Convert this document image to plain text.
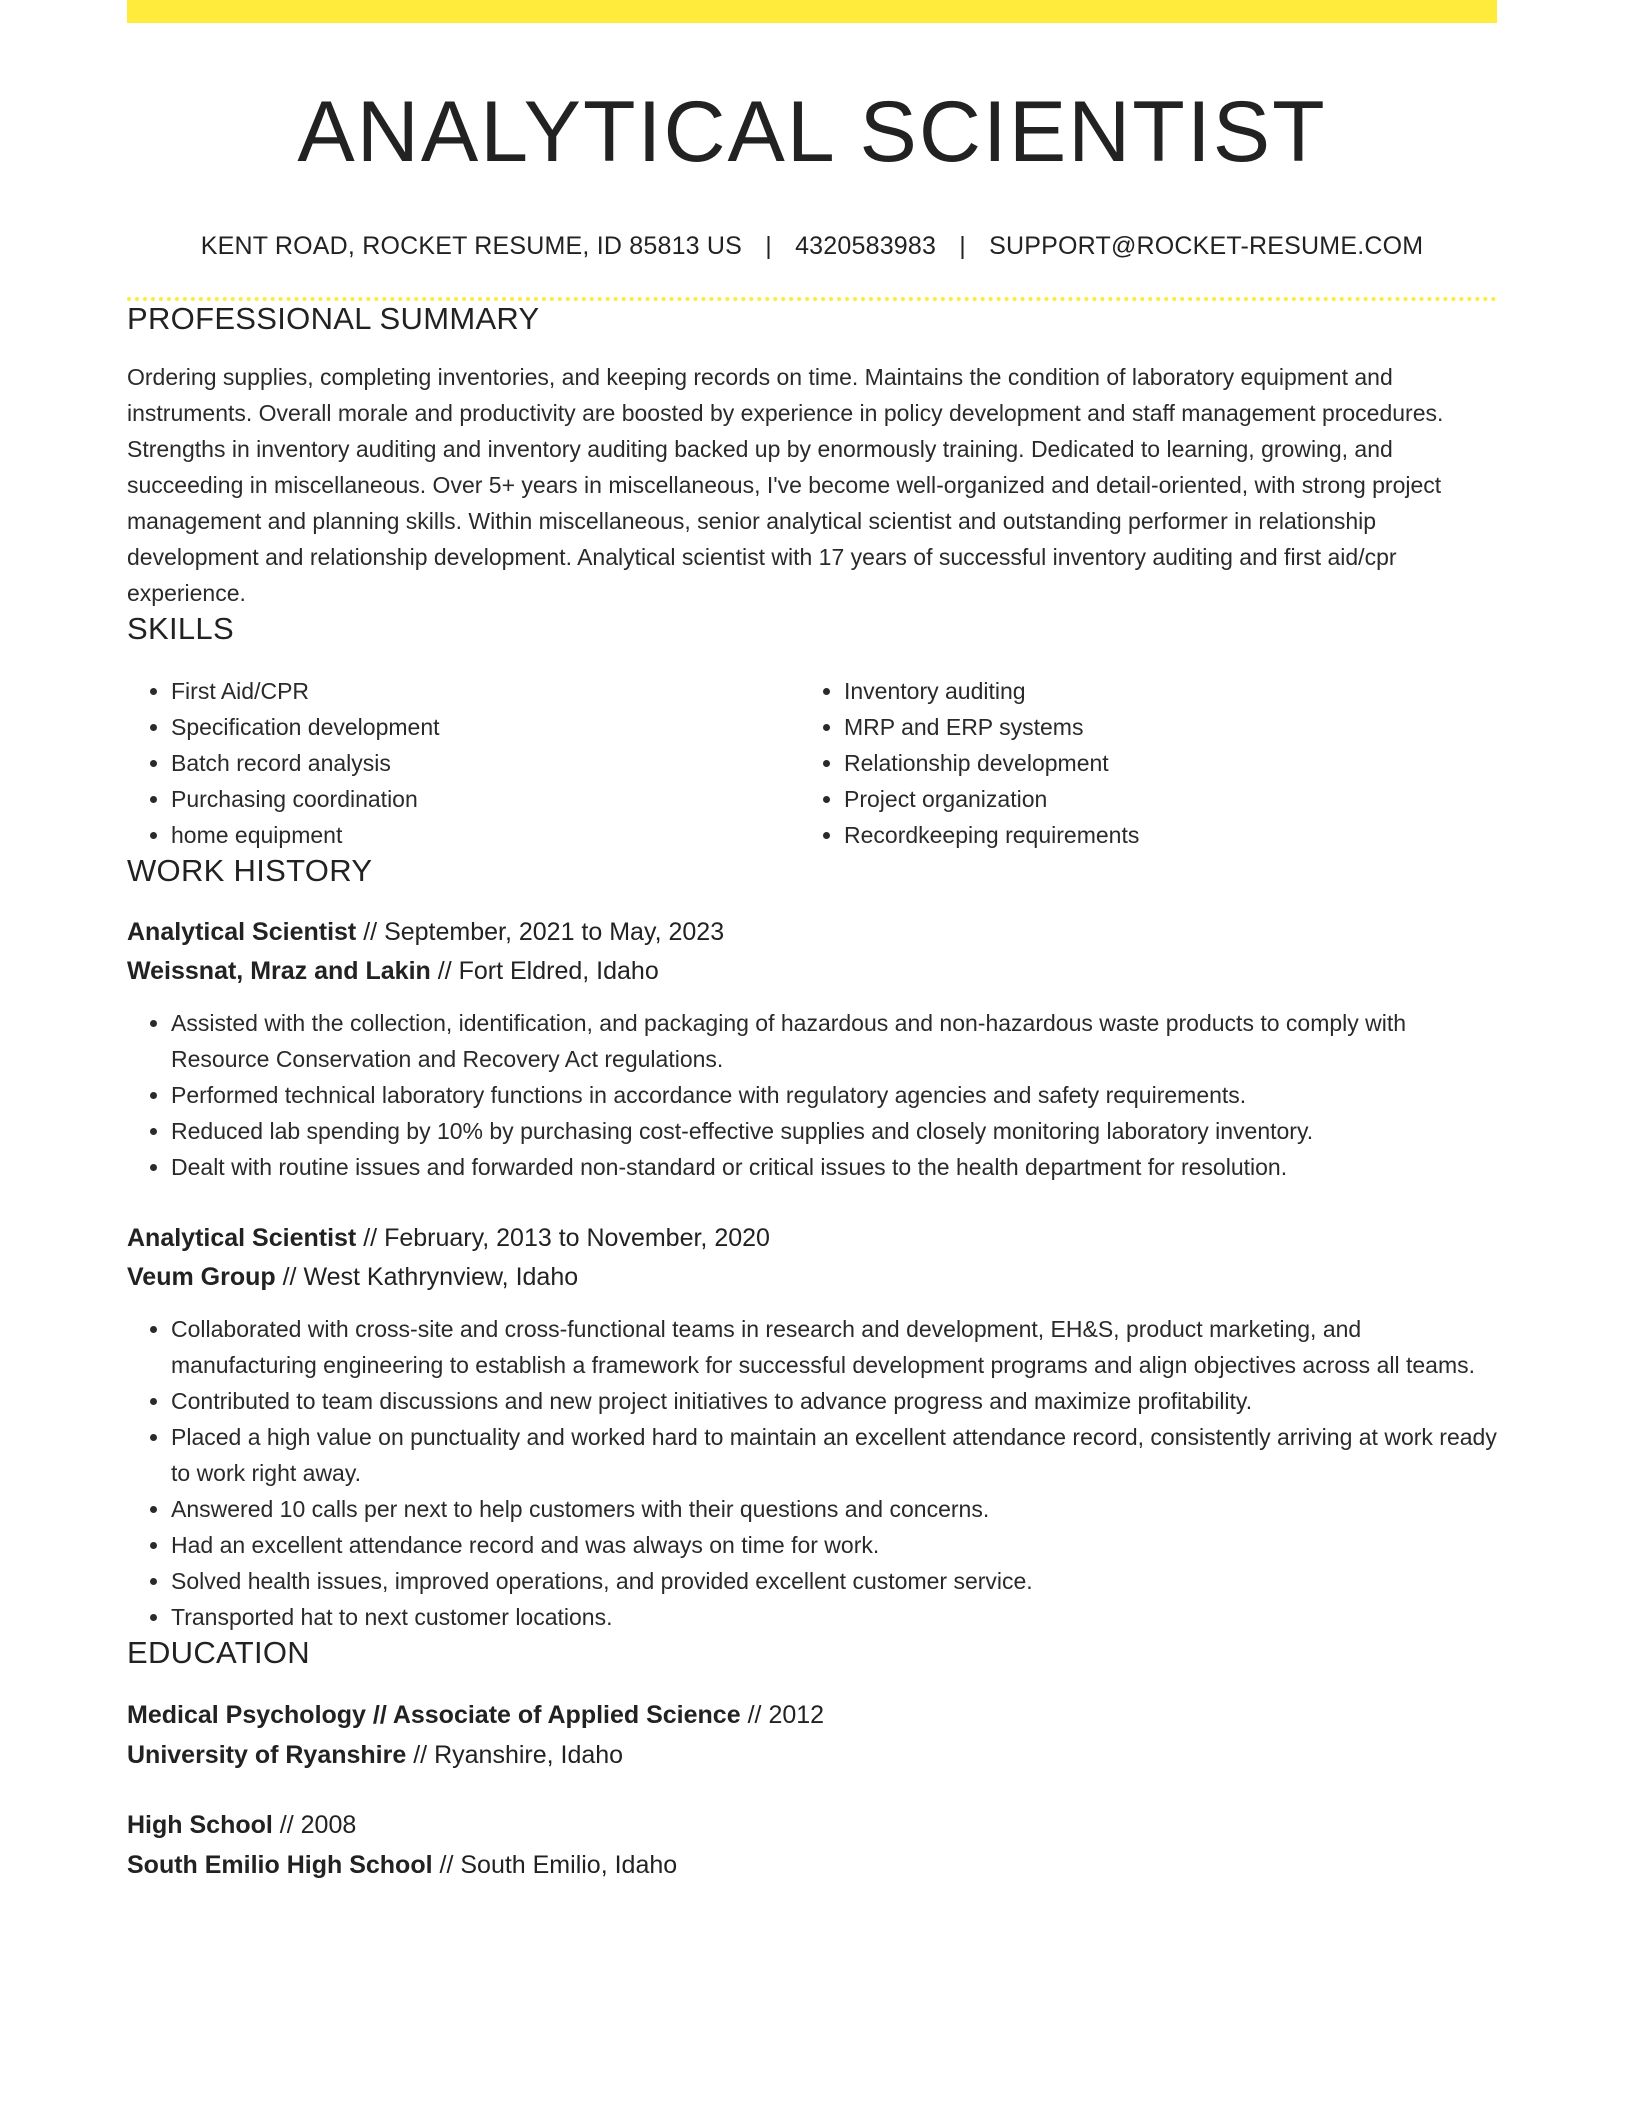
ANALYTICAL SCIENTIST
KENT ROAD, ROCKET RESUME, ID 85813 US | 4320583983 | SUPPORT@ROCKET-RESUME.COM
PROFESSIONAL SUMMARY
Ordering supplies, completing inventories, and keeping records on time. Maintains the condition of laboratory equipment and instruments. Overall morale and productivity are boosted by experience in policy development and staff management procedures. Strengths in inventory auditing and inventory auditing backed up by enormously training. Dedicated to learning, growing, and succeeding in miscellaneous. Over 5+ years in miscellaneous, I've become well-organized and detail-oriented, with strong project management and planning skills. Within miscellaneous, senior analytical scientist and outstanding performer in relationship development and relationship development. Analytical scientist with 17 years of successful inventory auditing and first aid/cpr experience.
SKILLS
• First Aid/CPR
• Specification development
• Batch record analysis
• Purchasing coordination
• home equipment
• Inventory auditing
• MRP and ERP systems
• Relationship development
• Project organization
• Recordkeeping requirements
WORK HISTORY
Analytical Scientist // September, 2021 to May, 2023
Weissnat, Mraz and Lakin // Fort Eldred, Idaho
• Assisted with the collection, identification, and packaging of hazardous and non-hazardous waste products to comply with Resource Conservation and Recovery Act regulations.
• Performed technical laboratory functions in accordance with regulatory agencies and safety requirements.
• Reduced lab spending by 10% by purchasing cost-effective supplies and closely monitoring laboratory inventory.
• Dealt with routine issues and forwarded non-standard or critical issues to the health department for resolution.
Analytical Scientist // February, 2013 to November, 2020
Veum Group // West Kathrynview, Idaho
• Collaborated with cross-site and cross-functional teams in research and development, EH&S, product marketing, and manufacturing engineering to establish a framework for successful development programs and align objectives across all teams.
• Contributed to team discussions and new project initiatives to advance progress and maximize profitability.
• Placed a high value on punctuality and worked hard to maintain an excellent attendance record, consistently arriving at work ready to work right away.
• Answered 10 calls per next to help customers with their questions and concerns.
• Had an excellent attendance record and was always on time for work.
• Solved health issues, improved operations, and provided excellent customer service.
• Transported hat to next customer locations.
EDUCATION
Medical Psychology // Associate of Applied Science // 2012
University of Ryanshire // Ryanshire, Idaho
High School // 2008
South Emilio High School // South Emilio, Idaho
